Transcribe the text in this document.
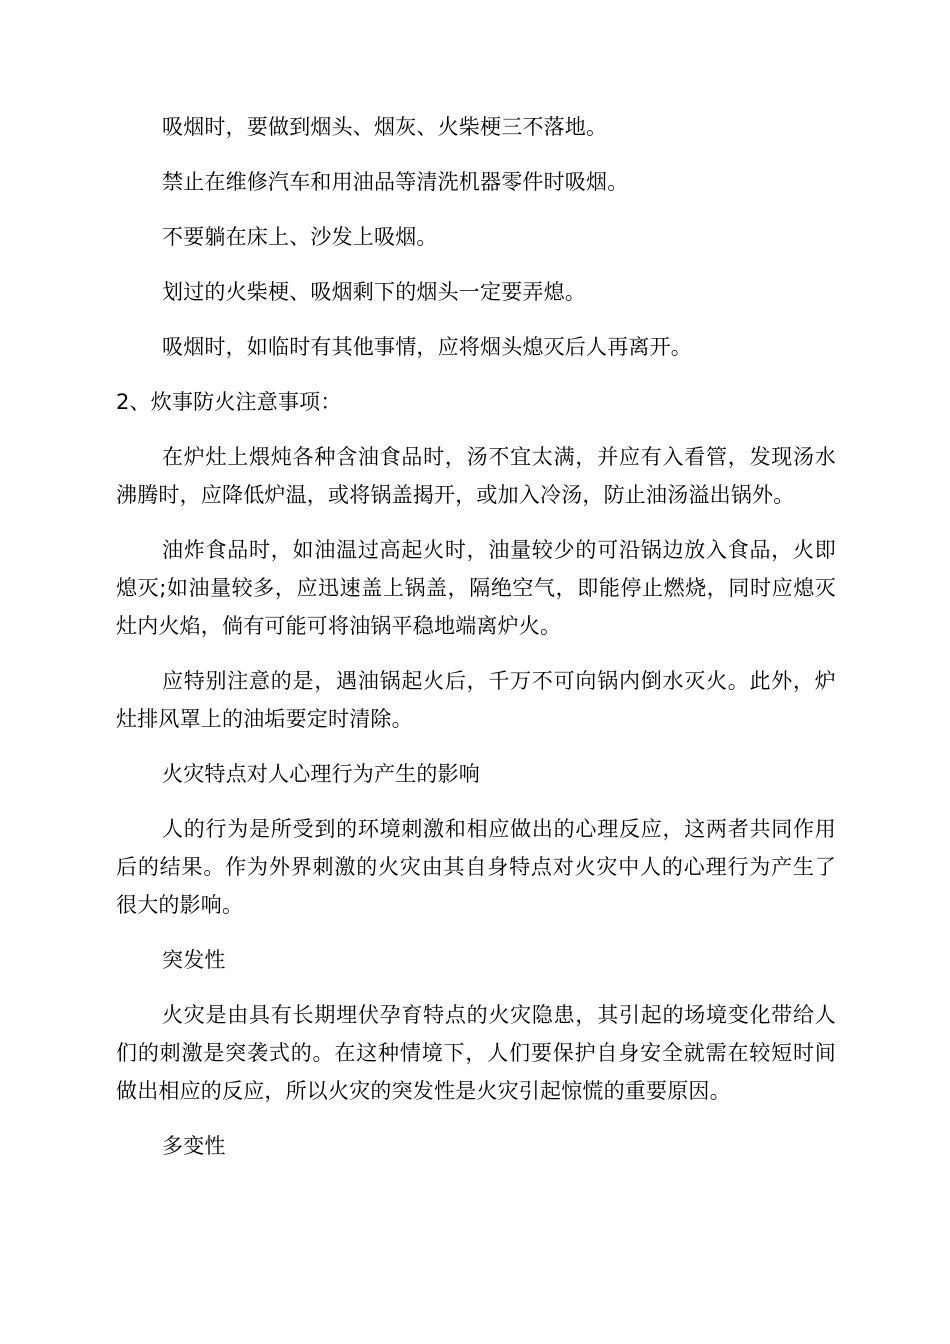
吸烟时，要做到烟头、烟灰、火柴梗三不落地。

禁止在维修汽车和用油品等清洗机器零件时吸烟。

不要躺在床上、沙发上吸烟。

划过的火柴梗、吸烟剩下的烟头一定要弄熄。

吸烟时，如临时有其他事情，应将烟头熄灭后人再离开。

2、炊事防火注意事项：

在炉灶上煨炖各种含油食品时，汤不宜太满，并应有入看管，发现汤水沸腾时，应降低炉温，或将锅盖揭开，或加入冷汤，防止油汤溢出锅外。

油炸食品时，如油温过高起火时，油量较少的可沿锅边放入食品，火即熄灭;如油量较多，应迅速盖上锅盖，隔绝空气，即能停止燃烧，同时应熄灭灶内火焰，倘有可能可将油锅平稳地端离炉火。

应特别注意的是，遇油锅起火后，千万不可向锅内倒水灭火。此外，炉灶排风罩上的油垢要定时清除。

火灾特点对人心理行为产生的影响

人的行为是所受到的环境刺激和相应做出的心理反应，这两者共同作用后的结果。作为外界刺激的火灾由其自身特点对火灾中人的心理行为产生了很大的影响。

突发性

火灾是由具有长期埋伏孕育特点的火灾隐患，其引起的场境变化带给人们的刺激是突袭式的。在这种情境下，人们要保护自身安全就需在较短时间做出相应的反应，所以火灾的突发性是火灾引起惊慌的重要原因。

多变性
